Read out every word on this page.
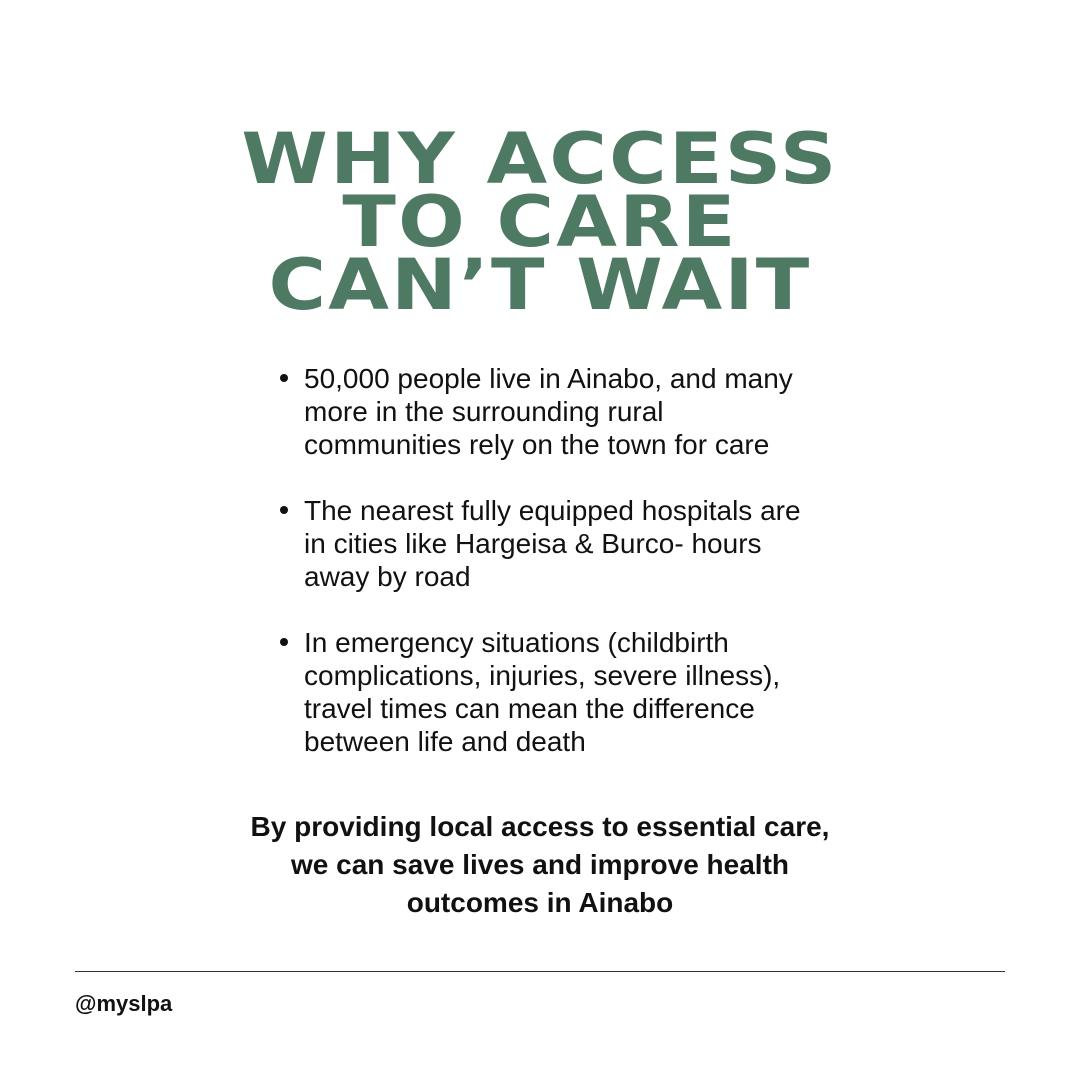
WHY ACCESS
TO CARE
CAN’T WAIT
50,000 people live in Ainabo, and many
more in the surrounding rural
communities rely on the town for care
The nearest fully equipped hospitals are
in cities like Hargeisa & Burco- hours
away by road
In emergency situations (childbirth
complications, injuries, severe illness),
travel times can mean the difference
between life and death
By providing local access to essential care,
we can save lives and improve health
outcomes in Ainabo
@myslpa
